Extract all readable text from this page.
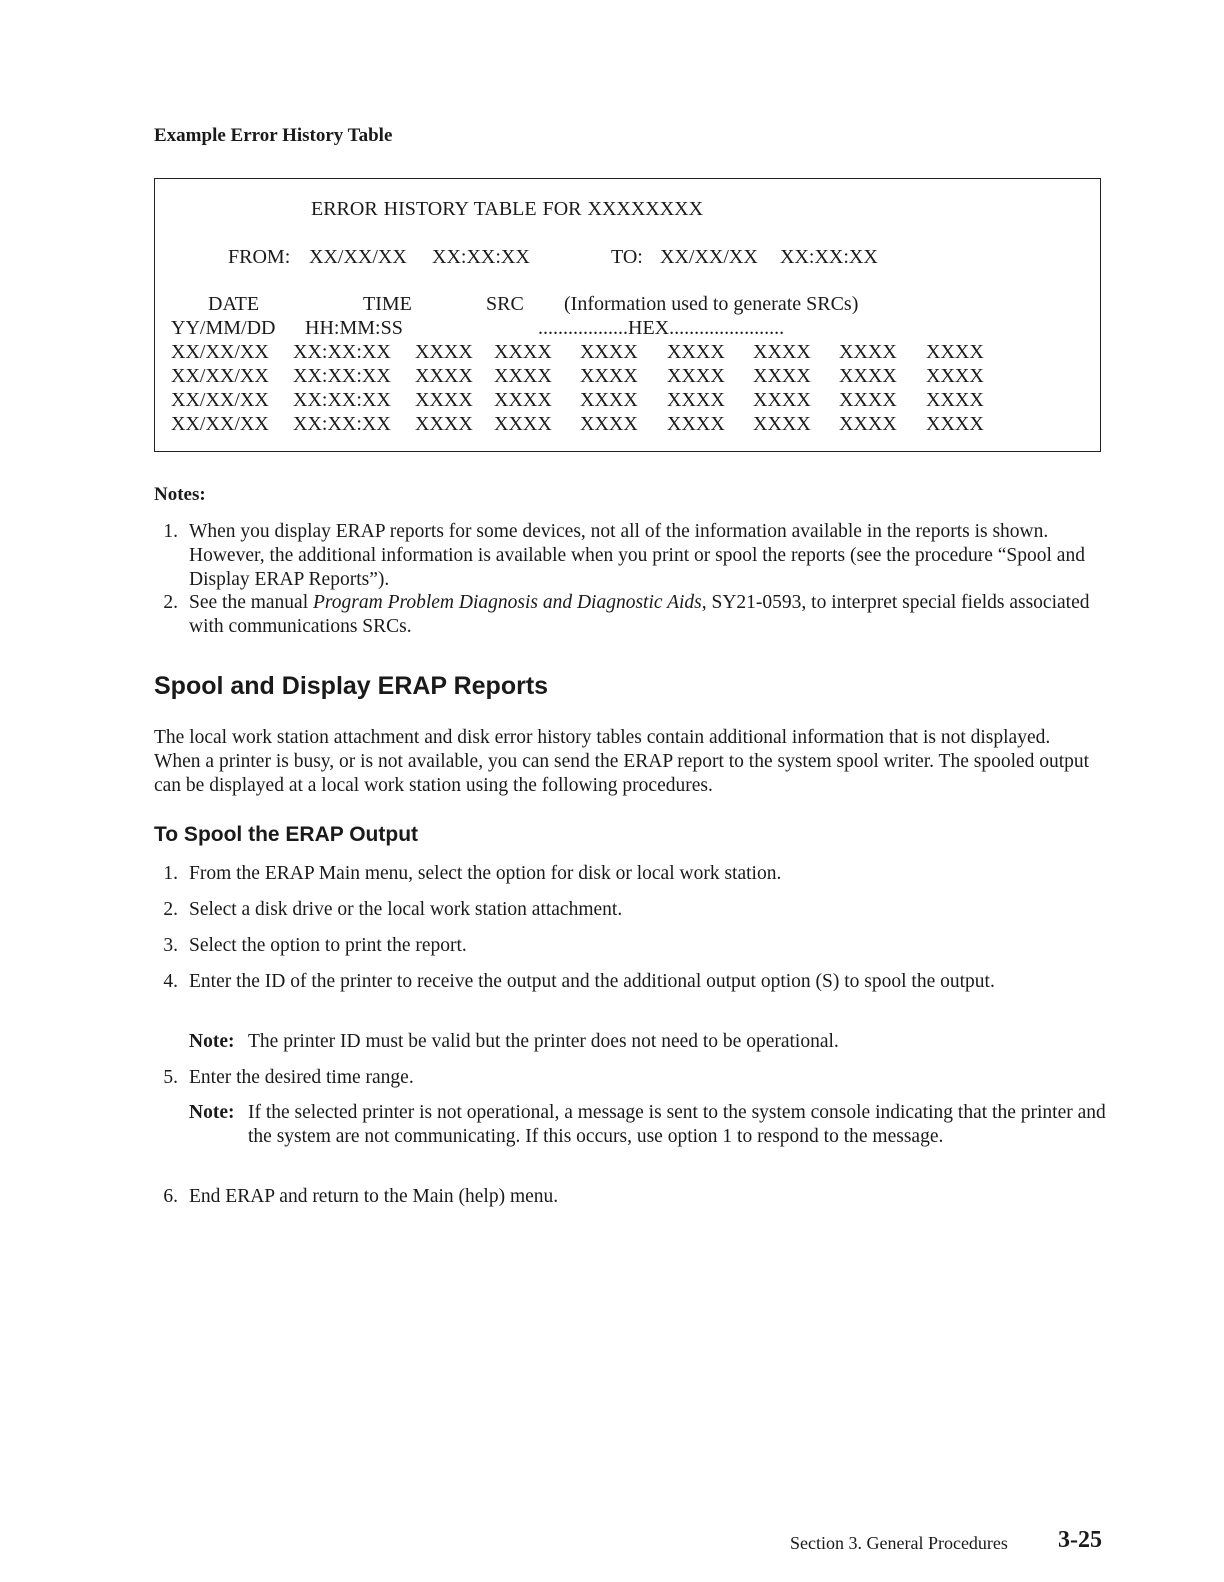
Example Error History Table
ERROR HISTORY TABLE FOR XXXXXXXX
FROM: XX/XX/XX XX:XX:XX	TO: XX/XX/XX XX:XX:XX
DATE	TIME	SRC (Information used to generate SRCs)
YY/MM/DD HH:MM:SS	..................HEX.......................
XX/XX/XX XX:XX:XX XXXX XXXX XXXX XXXX XXXX XXXX XXXX
XX/XX/XX XX:XX:XX XXXX XXXX XXXX XXXX XXXX XXXX XXXX
XX/XX/XX XX:XX:XX XXXX XXXX XXXX XXXX XXXX XXXX XXXX
XX/XX/XX XX:XX:XX XXXX XXXX XXXX XXXX XXXX XXXX XXXX
Notes:
1. When you display ERAP reports for some devices, not all of the information available in the reports is shown. However, the additional information is available when you print or spool the reports (see the procedure “Spool and Display ERAP Reports”).
2. See the manual Program Problem Diagnosis and Diagnostic Aids, SY21-0593, to interpret special fields associated with communications SRCs.
Spool and Display ERAP Reports
The local work station attachment and disk error history tables contain additional information that is not displayed. When a printer is busy, or is not available, you can send the ERAP report to the system spool writer. The spooled output can be displayed at a local work station using the following procedures.
To Spool the ERAP Output
1. From the ERAP Main menu, select the option for disk or local work station.
2. Select a disk drive or the local work station attachment.
3. Select the option to print the report.
4. Enter the ID of the printer to receive the output and the additional output option (S) to spool the output.
Note: The printer ID must be valid but the printer does not need to be operational.
5. Enter the desired time range.
Note: If the selected printer is not operational, a message is sent to the system console indicating that the printer and the system are not communicating. If this occurs, use option 1 to respond to the message.
6. End ERAP and return to the Main (help) menu.
Section 3. General Procedures 3-25
